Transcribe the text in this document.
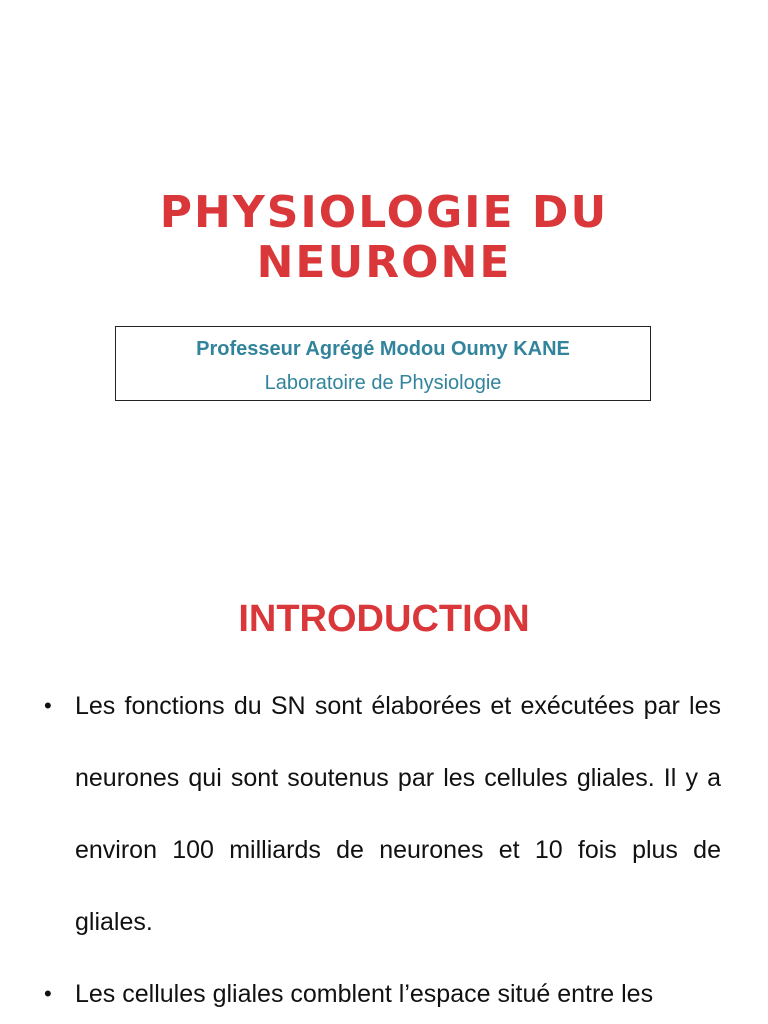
PHYSIOLOGIE DU
NEURONE
Professeur Agrégé Modou Oumy KANE
Laboratoire de Physiologie
INTRODUCTION
• Les fonctions du SN sont élaborées et exécutées par les neurones qui sont soutenus par les cellules gliales. Il y a environ 100 milliards de neurones et 10 fois plus de gliales.
• Les cellules gliales comblent l’espace situé entre les
